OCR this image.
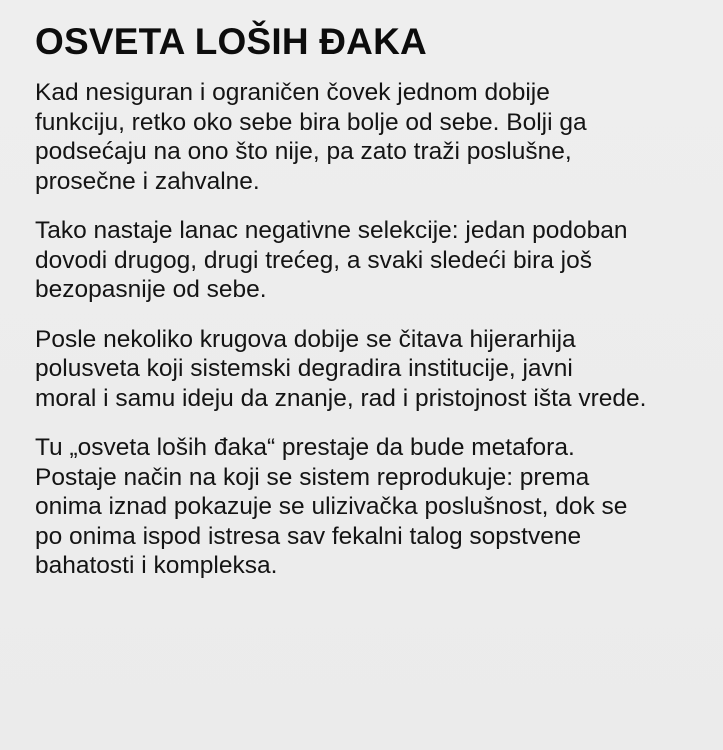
OSVETA LOŠIH ĐAKA
Kad nesiguran i ograničen čovek jednom dobije
funkciju, retko oko sebe bira bolje od sebe. Bolji ga
podsećaju na ono što nije, pa zato traži poslušne,
prosečne i zahvalne.
Tako nastaje lanac negativne selekcije: jedan podoban
dovodi drugog, drugi trećeg, a svaki sledeći bira još
bezopasnije od sebe.
Posle nekoliko krugova dobije se čitava hijerarhija
polusveta koji sistemski degradira institucije, javni
moral i samu ideju da znanje, rad i pristojnost išta vrede.
Tu „osveta loših đaka“ prestaje da bude metafora.
Postaje način na koji se sistem reprodukuje: prema
onima iznad pokazuje se ulizivačka poslušnost, dok se
po onima ispod istresa sav fekalni talog sopstvene
bahatosti i kompleksa.
